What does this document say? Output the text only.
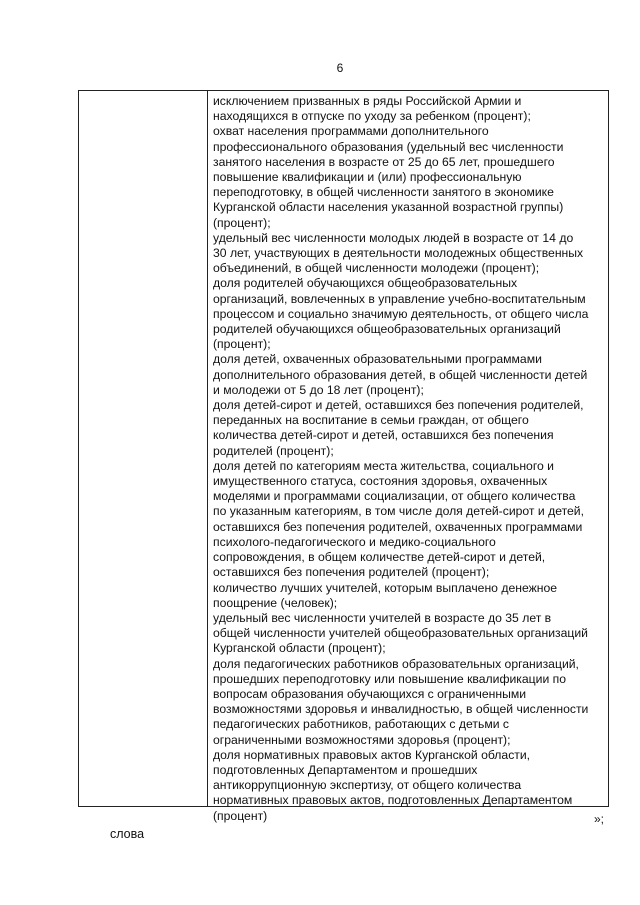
6
исключением призванных в ряды Российской Армии и
находящихся в отпуске по уходу за ребенком (процент);
охват населения программами дополнительного
профессионального образования (удельный вес численности
занятого населения в возрасте от 25 до 65 лет, прошедшего
повышение квалификации и (или) профессиональную
переподготовку, в общей численности занятого в экономике
Курганской области населения указанной возрастной группы)
(процент);
удельный вес численности молодых людей в возрасте от 14 до
30 лет, участвующих в деятельности молодежных общественных
объединений, в общей численности молодежи (процент);
доля родителей обучающихся общеобразовательных
организаций, вовлеченных в управление учебно-воспитательным
процессом и социально значимую деятельность, от общего числа
родителей обучающихся общеобразовательных организаций
(процент);
доля детей, охваченных образовательными программами
дополнительного образования детей, в общей численности детей
и молодежи от 5 до 18 лет (процент);
доля детей-сирот и детей, оставшихся без попечения родителей,
переданных на воспитание в семьи граждан, от общего
количества детей-сирот и детей, оставшихся без попечения
родителей (процент);
доля детей по категориям места жительства, социального и
имущественного статуса, состояния здоровья, охваченных
моделями и программами социализации, от общего количества
по указанным категориям, в том числе доля детей-сирот и детей,
оставшихся без попечения родителей, охваченных программами
психолого-педагогического и медико-социального
сопровождения, в общем количестве детей-сирот и детей,
оставшихся без попечения родителей (процент);
количество лучших учителей, которым выплачено денежное
поощрение (человек);
удельный вес численности учителей в возрасте до 35 лет в
общей численности учителей общеобразовательных организаций
Курганской области (процент);
доля педагогических работников образовательных организаций,
прошедших переподготовку или повышение квалификации по
вопросам образования обучающихся с ограниченными
возможностями здоровья и инвалидностью, в общей численности
педагогических работников, работающих с детьми с
ограниченными возможностями здоровья (процент);
доля нормативных правовых актов Курганской области,
подготовленных Департаментом и прошедших
антикоррупционную экспертизу, от общего количества
нормативных правовых актов, подготовленных Департаментом
(процент)	»;
слова
